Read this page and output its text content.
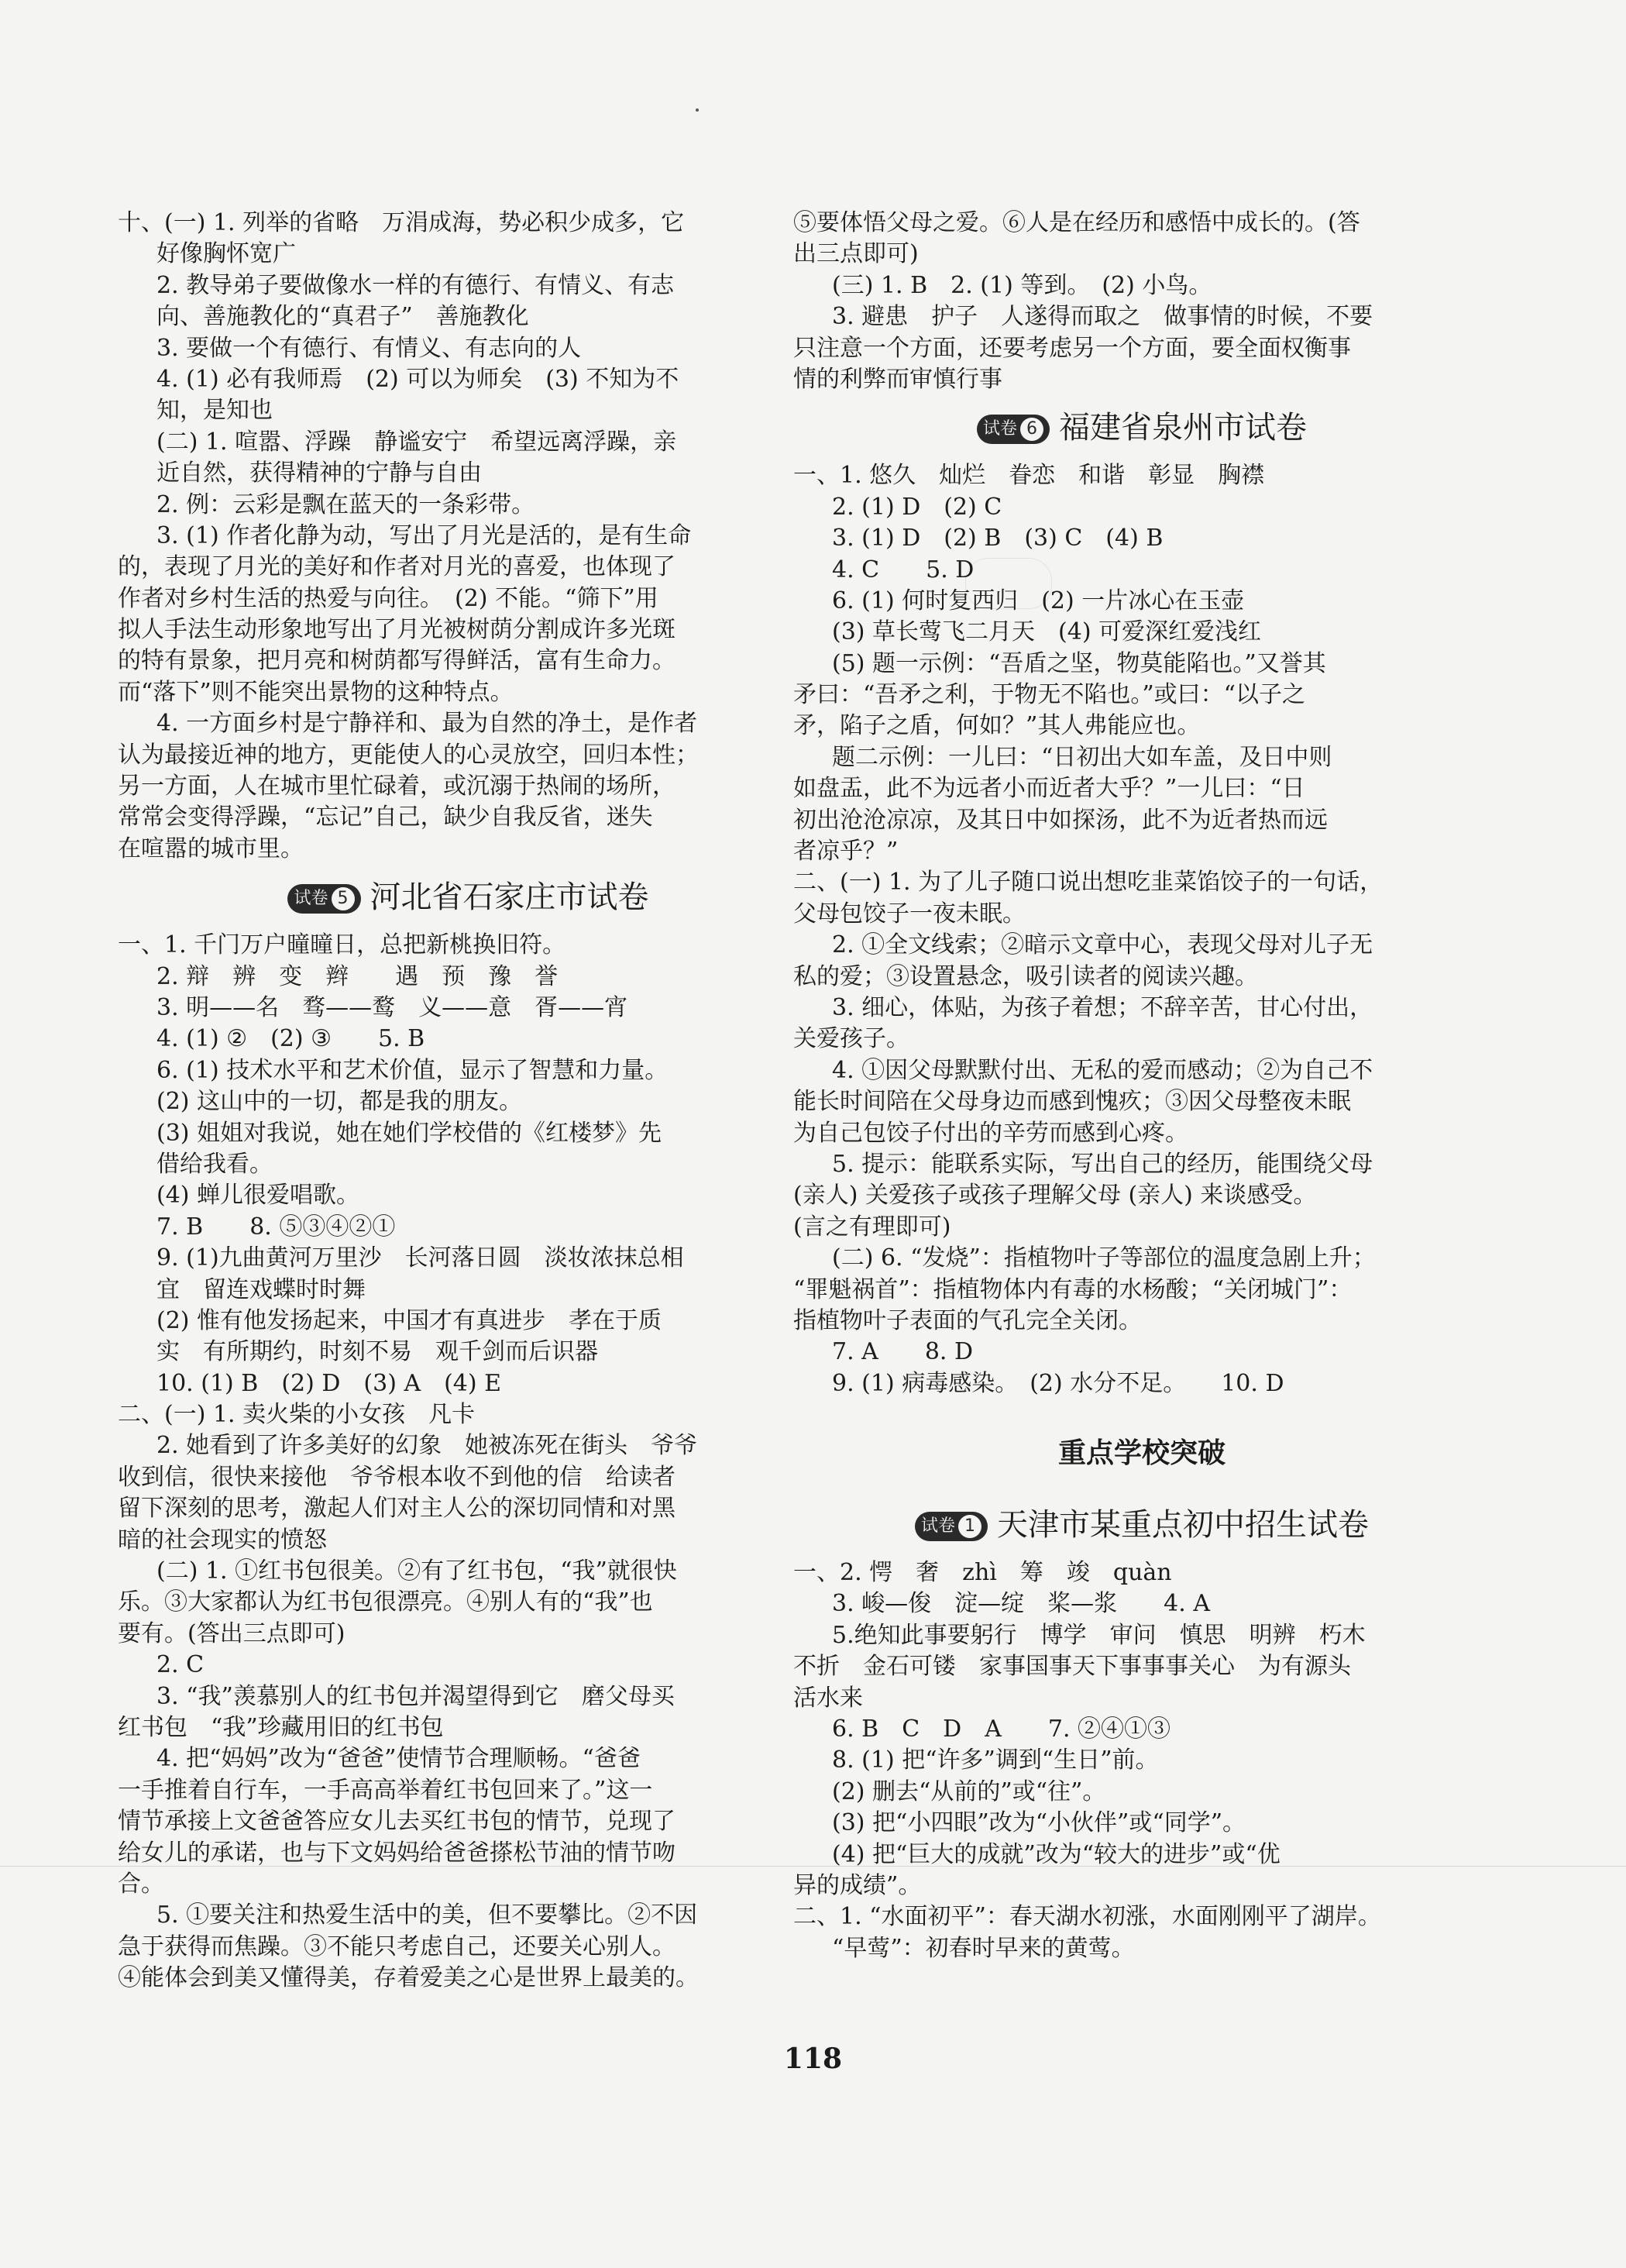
十、(一) 1. 列举的省略　万涓成海，势必积少成多，它
好像胸怀宽广
2. 教导弟子要做像水一样的有德行、有情义、有志
向、善施教化的“真君子”　善施教化
3. 要做一个有德行、有情义、有志向的人
4. (1) 必有我师焉　(2) 可以为师矣　(3) 不知为不
知，是知也
(二) 1. 喧嚣、浮躁　静谧安宁　希望远离浮躁，亲
近自然，获得精神的宁静与自由
2. 例：云彩是飘在蓝天的一条彩带。
3. (1) 作者化静为动，写出了月光是活的，是有生命
的，表现了月光的美好和作者对月光的喜爱，也体现了
作者对乡村生活的热爱与向往。　(2) 不能。“筛下”用
拟人手法生动形象地写出了月光被树荫分割成许多光斑
的特有景象，把月亮和树荫都写得鲜活，富有生命力。
而“落下”则不能突出景物的这种特点。
4. 一方面乡村是宁静祥和、最为自然的净土，是作者
认为最接近神的地方，更能使人的心灵放空，回归本性；
另一方面，人在城市里忙碌着，或沉溺于热闹的场所，
常常会变得浮躁，“忘记”自己，缺少自我反省，迷失
在喧嚣的城市里。
试卷 5 河北省石家庄市试卷
一、1. 千门万户曈曈日，总把新桃换旧符。
2. 辩　辨　变　辫　　遇　预　豫　誉
3. 明——名　骛——鹜　义——意　胥——宵
4. (1) ②　(2) ③　　5. B
6. (1) 技术水平和艺术价值，显示了智慧和力量。
(2) 这山中的一切，都是我的朋友。
(3) 姐姐对我说，她在她们学校借的《红楼梦》先
借给我看。
(4) 蝉儿很爱唱歌。
7. B　　8. ⑤③④②①
9. (1)九曲黄河万里沙　长河落日圆　淡妆浓抹总相
宜　留连戏蝶时时舞
(2) 惟有他发扬起来，中国才有真进步　孝在于质
实　有所期约，时刻不易　观千剑而后识器
10. (1) B　(2) D　(3) A　(4) E
二、(一) 1. 卖火柴的小女孩　凡卡
2. 她看到了许多美好的幻象　她被冻死在街头　爷爷
收到信，很快来接他　爷爷根本收不到他的信　给读者
留下深刻的思考，激起人们对主人公的深切同情和对黑
暗的社会现实的愤怒
(二) 1. ①红书包很美。②有了红书包，“我”就很快
乐。③大家都认为红书包很漂亮。④别人有的“我”也
要有。(答出三点即可)
2. C
3. “我”羡慕别人的红书包并渴望得到它　磨父母买
红书包　“我”珍藏用旧的红书包
4. 把“妈妈”改为“爸爸”使情节合理顺畅。“爸爸
一手推着自行车，一手高高举着红书包回来了。”这一
情节承接上文爸爸答应女儿去买红书包的情节，兑现了
给女儿的承诺，也与下文妈妈给爸爸搽松节油的情节吻
合。
5. ①要关注和热爱生活中的美，但不要攀比。②不因
急于获得而焦躁。③不能只考虑自己，还要关心别人。
④能体会到美又懂得美，存着爱美之心是世界上最美的。
⑤要体悟父母之爱。⑥人是在经历和感悟中成长的。(答
出三点即可)
(三) 1. B　2. (1) 等到。　(2) 小鸟。
3. 避患　护子　人遂得而取之　做事情的时候，不要
只注意一个方面，还要考虑另一个方面，要全面权衡事
情的利弊而审慎行事
试卷 6 福建省泉州市试卷
一、1. 悠久　灿烂　眷恋　和谐　彰显　胸襟
2. (1) D　(2) C
3. (1) D　(2) B　(3) C　(4) B
4. C　　5. D
6. (1) 何时复西归　(2) 一片冰心在玉壶
(3) 草长莺飞二月天　(4) 可爱深红爱浅红
(5) 题一示例：“吾盾之坚，物莫能陷也。”又誉其
矛曰：“吾矛之利，于物无不陷也。”或曰：“以子之
矛，陷子之盾，何如？”其人弗能应也。
题二示例：一儿曰：“日初出大如车盖，及日中则
如盘盂，此不为远者小而近者大乎？”一儿曰：“日
初出沧沧凉凉，及其日中如探汤，此不为近者热而远
者凉乎？”
二、(一) 1. 为了儿子随口说出想吃韭菜馅饺子的一句话，
父母包饺子一夜未眠。
2. ①全文线索；②暗示文章中心，表现父母对儿子无
私的爱；③设置悬念，吸引读者的阅读兴趣。
3. 细心，体贴，为孩子着想；不辞辛苦，甘心付出，
关爱孩子。
4. ①因父母默默付出、无私的爱而感动；②为自己不
能长时间陪在父母身边而感到愧疚；③因父母整夜未眠
为自己包饺子付出的辛劳而感到心疼。
5. 提示：能联系实际，写出自己的经历，能围绕父母
(亲人) 关爱孩子或孩子理解父母 (亲人) 来谈感受。
(言之有理即可)
(二) 6. “发烧”：指植物叶子等部位的温度急剧上升；
“罪魁祸首”：指植物体内有毒的水杨酸；“关闭城门”：
指植物叶子表面的气孔完全关闭。
7. A　　8. D
9. (1) 病毒感染。　(2) 水分不足。　　10. D
重点学校突破
试卷 1 天津市某重点初中招生试卷
一、2. 愕　奢　zhì　筹　竣　quàn
3. 峻—俊　淀—绽　桨—浆　　4. A
5.绝知此事要躬行　博学　审问　慎思　明辨　朽木
不折　金石可镂　家事国事天下事事事关心　为有源头
活水来
6. B　C　D　A　　7. ②④①③
8. (1) 把“许多”调到“生日”前。
(2) 删去“从前的”或“往”。
(3) 把“小四眼”改为“小伙伴”或“同学”。
(4) 把“巨大的成就”改为“较大的进步”或“优
异的成绩”。
二、1. “水面初平”：春天湖水初涨，水面刚刚平了湖岸。
“早莺”：初春时早来的黄莺。
118
